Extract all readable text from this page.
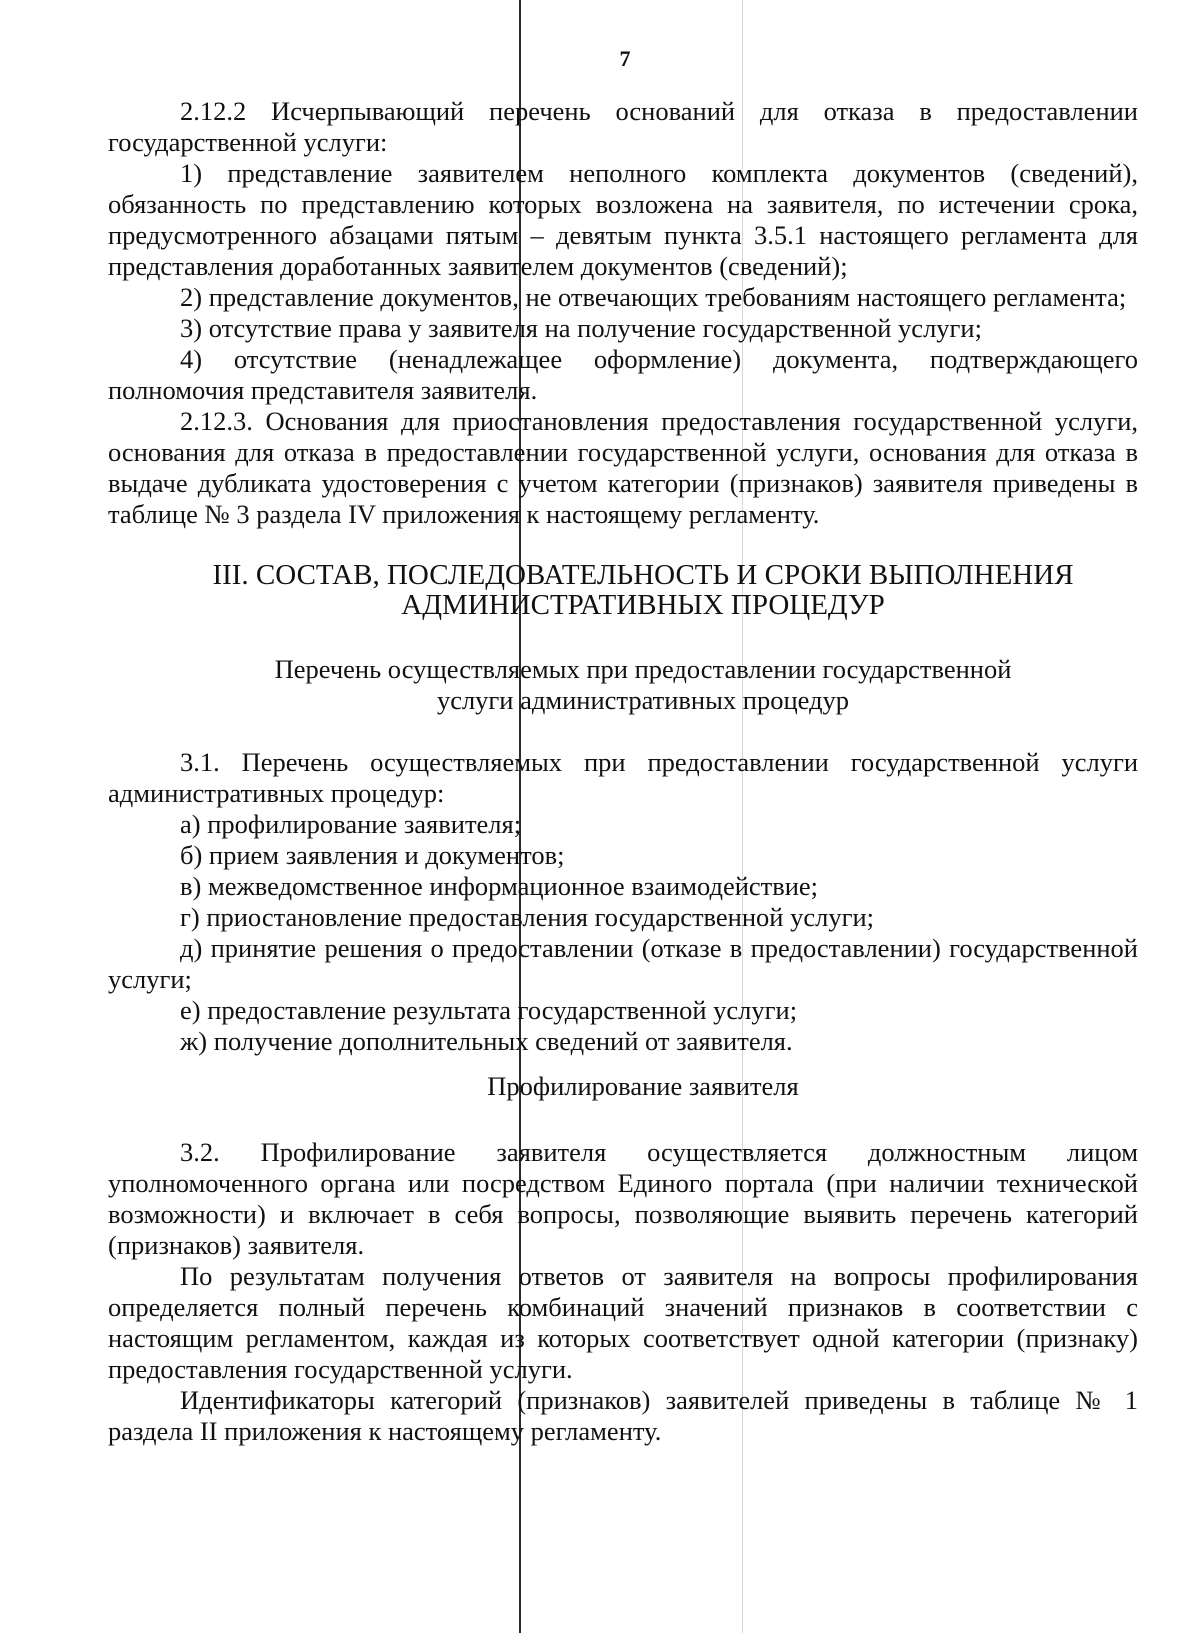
7

2.12.2 Исчерпывающий перечень оснований для отказа в предоставлении государственной услуги:

1) представление заявителем неполного комплекта документов (сведений), обязанность по представлению которых возложена на заявителя, по истечении срока, предусмотренного абзацами пятым – девятым пункта 3.5.1 настоящего регламента для представления доработанных заявителем документов (сведений);

2) представление документов, не отвечающих требованиям настоящего регламента;

3) отсутствие права у заявителя на получение государственной услуги;

4) отсутствие (ненадлежащее оформление) документа, подтверждающего полномочия представителя заявителя.

2.12.3. Основания для приостановления предоставления государственной услуги, основания для отказа в предоставлении государственной услуги, основания для отказа в выдаче дубликата удостоверения с учетом категории (признаков) заявителя приведены в таблице № 3 раздела IV приложения к настоящему регламенту.

III. СОСТАВ, ПОСЛЕДОВАТЕЛЬНОСТЬ И СРОКИ ВЫПОЛНЕНИЯ
АДМИНИСТРАТИВНЫХ ПРОЦЕДУР

Перечень осуществляемых при предоставлении государственной
услуги административных процедур

3.1. Перечень осуществляемых при предоставлении государственной услуги административных процедур:

а) профилирование заявителя;

б) прием заявления и документов;

в) межведомственное информационное взаимодействие;

г) приостановление предоставления государственной услуги;

д) принятие решения о предоставлении (отказе в предоставлении) государственной услуги;

е) предоставление результата государственной услуги;

ж) получение дополнительных сведений от заявителя.

Профилирование заявителя

3.2. Профилирование заявителя осуществляется должностным лицом уполномоченного органа или посредством Единого портала (при наличии технической возможности) и включает в себя вопросы, позволяющие выявить перечень категорий (признаков) заявителя.

По результатам получения ответов от заявителя на вопросы профилирования определяется полный перечень комбинаций значений признаков в соответствии с настоящим регламентом, каждая из которых соответствует одной категории (признаку) предоставления государственной услуги.

Идентификаторы категорий (признаков) заявителей приведены в таблице № 1 раздела II приложения к настоящему регламенту.
